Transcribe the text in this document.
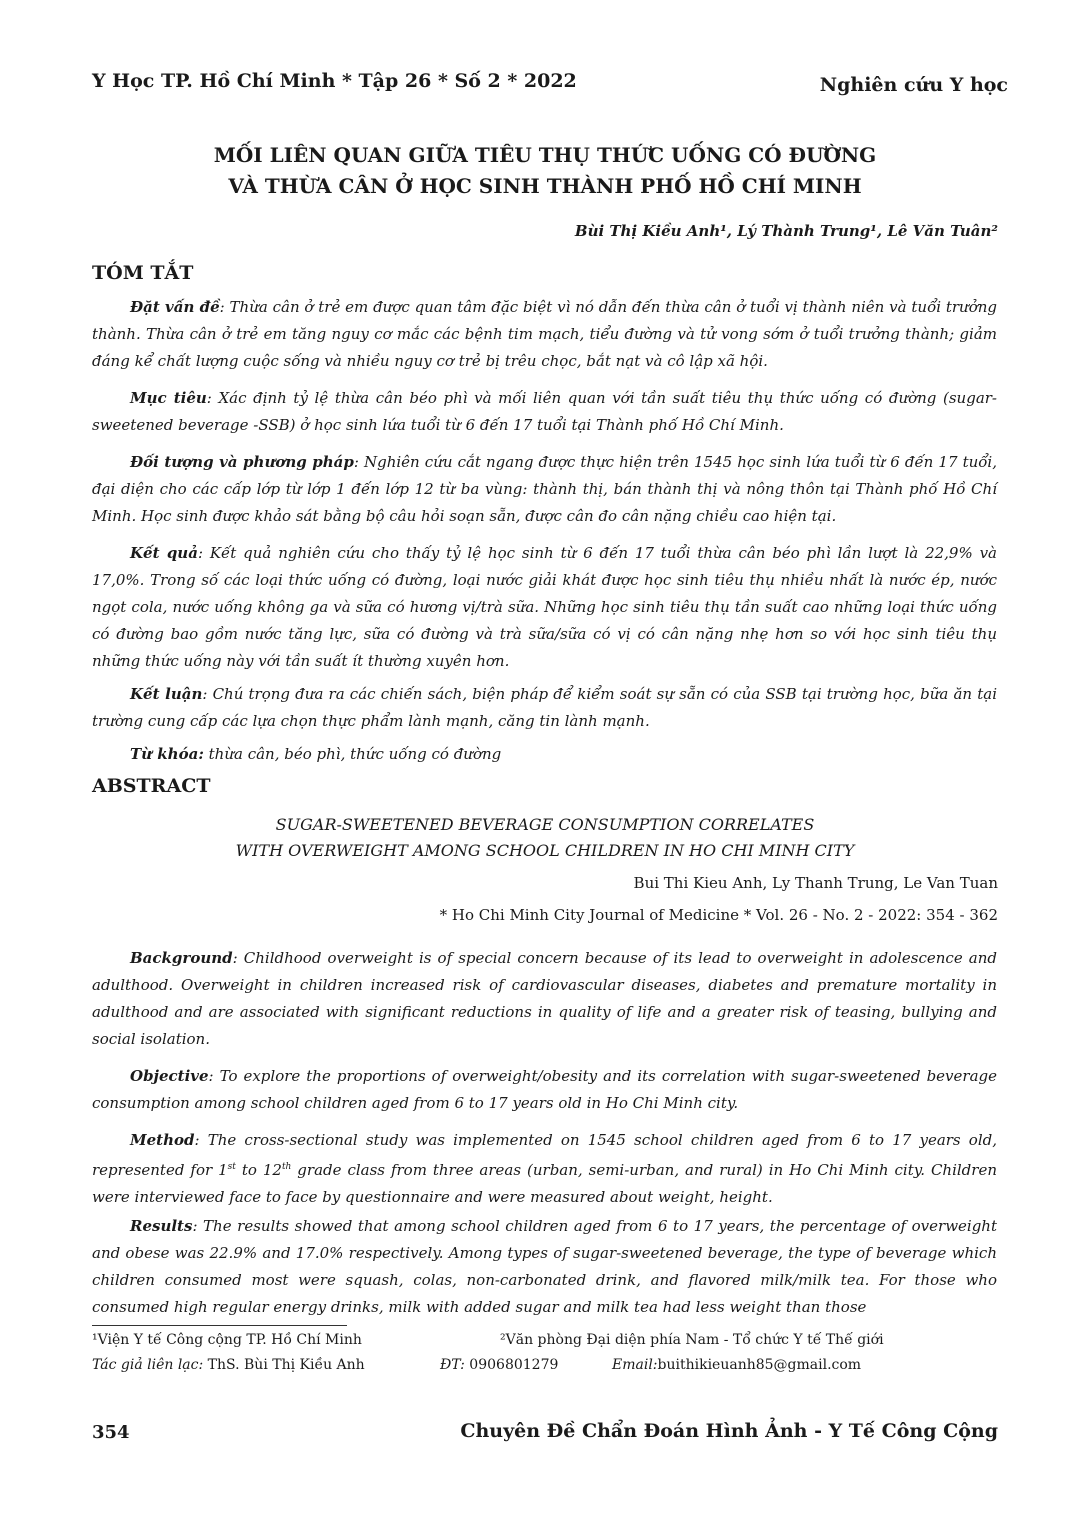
Y Học TP. Hồ Chí Minh * Tập 26 * Số 2 * 2022	Nghiên cứu Y học
MỐI LIÊN QUAN GIỮA TIÊU THỤ THỨC UỐNG CÓ ĐƯỜNG
VÀ THỪA CÂN Ở HỌC SINH THÀNH PHỐ HỒ CHÍ MINH
Bùi Thị Kiều Anh¹, Lý Thành Trung¹, Lê Văn Tuân²
TÓM TẮT
Đặt vấn đề: Thừa cân ở trẻ em được quan tâm đặc biệt vì nó dẫn đến thừa cân ở tuổi vị thành niên và tuổi trưởng thành. Thừa cân ở trẻ em tăng nguy cơ mắc các bệnh tim mạch, tiểu đường và tử vong sớm ở tuổi trưởng thành; giảm đáng kể chất lượng cuộc sống và nhiều nguy cơ trẻ bị trêu chọc, bắt nạt và cô lập xã hội.
Mục tiêu: Xác định tỷ lệ thừa cân béo phì và mối liên quan với tần suất tiêu thụ thức uống có đường (sugar-sweetened beverage -SSB) ở học sinh lứa tuổi từ 6 đến 17 tuổi tại Thành phố Hồ Chí Minh.
Đối tượng và phương pháp: Nghiên cứu cắt ngang được thực hiện trên 1545 học sinh lứa tuổi từ 6 đến 17 tuổi, đại diện cho các cấp lớp từ lớp 1 đến lớp 12 từ ba vùng: thành thị, bán thành thị và nông thôn tại Thành phố Hồ Chí Minh. Học sinh được khảo sát bằng bộ câu hỏi soạn sẵn, được cân đo cân nặng chiều cao hiện tại.
Kết quả: Kết quả nghiên cứu cho thấy tỷ lệ học sinh từ 6 đến 17 tuổi thừa cân béo phì lần lượt là 22,9% và 17,0%. Trong số các loại thức uống có đường, loại nước giải khát được học sinh tiêu thụ nhiều nhất là nước ép, nước ngọt cola, nước uống không ga và sữa có hương vị/trà sữa. Những học sinh tiêu thụ tần suất cao những loại thức uống có đường bao gồm nước tăng lực, sữa có đường và trà sữa/sữa có vị có cân nặng nhẹ hơn so với học sinh tiêu thụ những thức uống này với tần suất ít thường xuyên hơn.
Kết luận: Chú trọng đưa ra các chiến sách, biện pháp để kiểm soát sự sẵn có của SSB tại trường học, bữa ăn tại trường cung cấp các lựa chọn thực phẩm lành mạnh, căng tin lành mạnh.
Từ khóa: thừa cân, béo phì, thức uống có đường
ABSTRACT
SUGAR-SWEETENED BEVERAGE CONSUMPTION CORRELATES
WITH OVERWEIGHT AMONG SCHOOL CHILDREN IN HO CHI MINH CITY
Bui Thi Kieu Anh, Ly Thanh Trung, Le Van Tuan
* Ho Chi Minh City Journal of Medicine * Vol. 26 - No. 2 - 2022: 354 - 362
Background: Childhood overweight is of special concern because of its lead to overweight in adolescence and adulthood. Overweight in children increased risk of cardiovascular diseases, diabetes and premature mortality in adulthood and are associated with significant reductions in quality of life and a greater risk of teasing, bullying and social isolation.
Objective: To explore the proportions of overweight/obesity and its correlation with sugar-sweetened beverage consumption among school children aged from 6 to 17 years old in Ho Chi Minh city.
Method: The cross-sectional study was implemented on 1545 school children aged from 6 to 17 years old, represented for 1st to 12th grade class from three areas (urban, semi-urban, and rural) in Ho Chi Minh city. Children were interviewed face to face by questionnaire and were measured about weight, height.
Results: The results showed that among school children aged from 6 to 17 years, the percentage of overweight and obese was 22.9% and 17.0% respectively. Among types of sugar-sweetened beverage, the type of beverage which children consumed most were squash, colas, non-carbonated drink, and flavored milk/milk tea. For those who consumed high regular energy drinks, milk with added sugar and milk tea had less weight than those
¹Viện Y tế Công cộng TP. Hồ Chí Minh	²Văn phòng Đại diện phía Nam - Tổ chức Y tế Thế giới
Tác giả liên lạc: ThS. Bùi Thị Kiều Anh	ĐT: 0906801279	Email:buithikieuanh85@gmail.com
354	Chuyên Đề Chẩn Đoán Hình Ảnh - Y Tế Công Cộng
